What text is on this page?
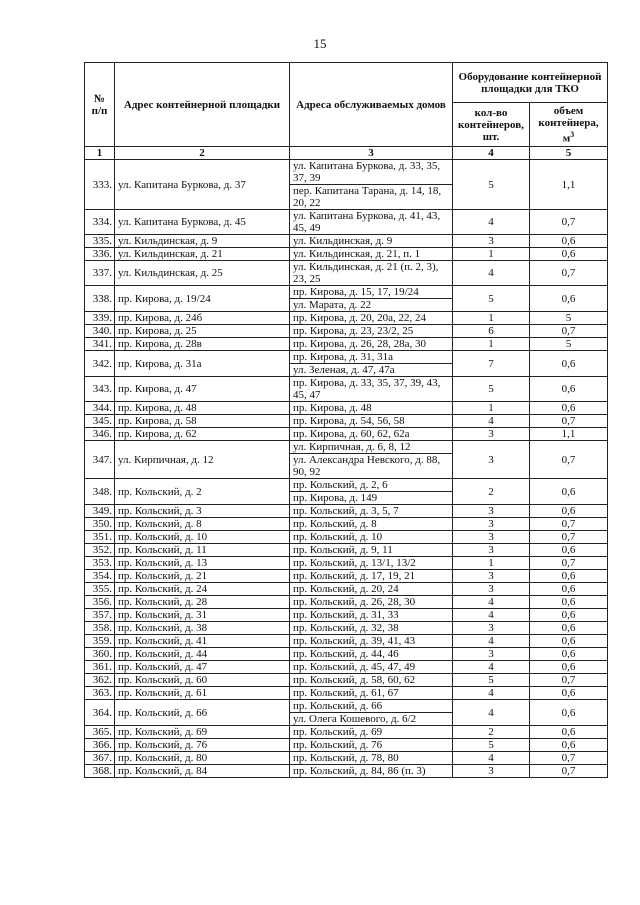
15
№ п/п	Адрес контейнерной площадки	Адреса обслуживаемых домов	Оборудование контейнерной площадки для ТКО	
			кол-во контейнеров, шт.	объем контейнера, $м^3$
1	2	3	4	5
333.	ул. Капитана Буркова, д. 37	ул. Капитана Буркова, д. 33, 35, 37, 39	5	1,1
		пер. Капитана Тарана, д. 14, 18, 20, 22		
334.	ул. Капитана Буркова, д. 45	ул. Капитана Буркова, д. 41, 43, 45, 49	4	0,7
335.	ул. Кильдинская, д. 9	ул. Кильдинская, д. 9	3	0,6
336.	ул. Кильдинская, д. 21	ул. Кильдинская, д. 21, п. 1	1	0,6
337.	ул. Кильдинская, д. 25	ул. Кильдинская, д. 21 (п. 2, 3), 23, 25	4	0,7
338.	пр. Кирова, д. 19/24	пр. Кирова, д. 15, 17, 19/24	5	0,6
		ул. Марата, д. 22		
339.	пр. Кирова, д. 24б	пр. Кирова, д. 20, 20а, 22, 24	1	5
340.	пр. Кирова, д. 25	пр. Кирова, д. 23, 23/2, 25	6	0,7
341.	пр. Кирова, д. 28в	пр. Кирова, д. 26, 28, 28а, 30	1	5
342.	пр. Кирова, д. 31а	пр. Кирова, д. 31, 31а	7	0,6
		ул. Зеленая, д. 47, 47а		
343.	пр. Кирова, д. 47	пр. Кирова, д. 33, 35, 37, 39, 43, 45, 47	5	0,6
344.	пр. Кирова, д. 48	пр. Кирова, д. 48	1	0,6
345.	пр. Кирова, д. 58	пр. Кирова, д. 54, 56, 58	4	0,7
346.	пр. Кирова, д. 62	пр. Кирова, д. 60, 62, 62а	3	1,1
347.	ул. Кирпичная, д. 12	ул. Кирпичная, д. 6, 8, 12	3	0,7
		ул. Александра Невского, д. 88, 90, 92		
348.	пр. Кольский, д. 2	пр. Кольский, д. 2, 6	2	0,6
		пр. Кирова, д. 149		
349.	пр. Кольский, д. 3	пр. Кольский, д. 3, 5, 7	3	0,6
350.	пр. Кольский, д. 8	пр. Кольский, д. 8	3	0,7
351.	пр. Кольский, д. 10	пр. Кольский, д. 10	3	0,7
352.	пр. Кольский, д. 11	пр. Кольский, д. 9, 11	3	0,6
353.	пр. Кольский, д. 13	пр. Кольский, д. 13/1, 13/2	1	0,7
354.	пр. Кольский, д. 21	пр. Кольский, д. 17, 19, 21	3	0,6
355.	пр. Кольский, д. 24	пр. Кольский, д. 20, 24	3	0,6
356.	пр. Кольский, д. 28	пр. Кольский, д. 26, 28, 30	4	0,6
357.	пр. Кольский, д. 31	пр. Кольский, д. 31, 33	4	0,6
358.	пр. Кольский, д. 38	пр. Кольский, д. 32, 38	3	0,6
359.	пр. Кольский, д. 41	пр. Кольский, д. 39, 41, 43	4	0,6
360.	пр. Кольский, д. 44	пр. Кольский, д. 44, 46	3	0,6
361.	пр. Кольский, д. 47	пр. Кольский, д. 45, 47, 49	4	0,6
362.	пр. Кольский, д. 60	пр. Кольский, д. 58, 60, 62	5	0,7
363.	пр. Кольский, д. 61	пр. Кольский, д. 61, 67	4	0,6
364.	пр. Кольский, д. 66	пр. Кольский, д. 66	4	0,6
		ул. Олега Кошевого, д. 6/2		
365.	пр. Кольский, д. 69	пр. Кольский, д. 69	2	0,6
366.	пр. Кольский, д. 76	пр. Кольский, д. 76	5	0,6
367.	пр. Кольский, д. 80	пр. Кольский, д. 78, 80	4	0,7
368.	пр. Кольский, д. 84	пр. Кольский, д. 84, 86 (п. 3)	3	0,7
